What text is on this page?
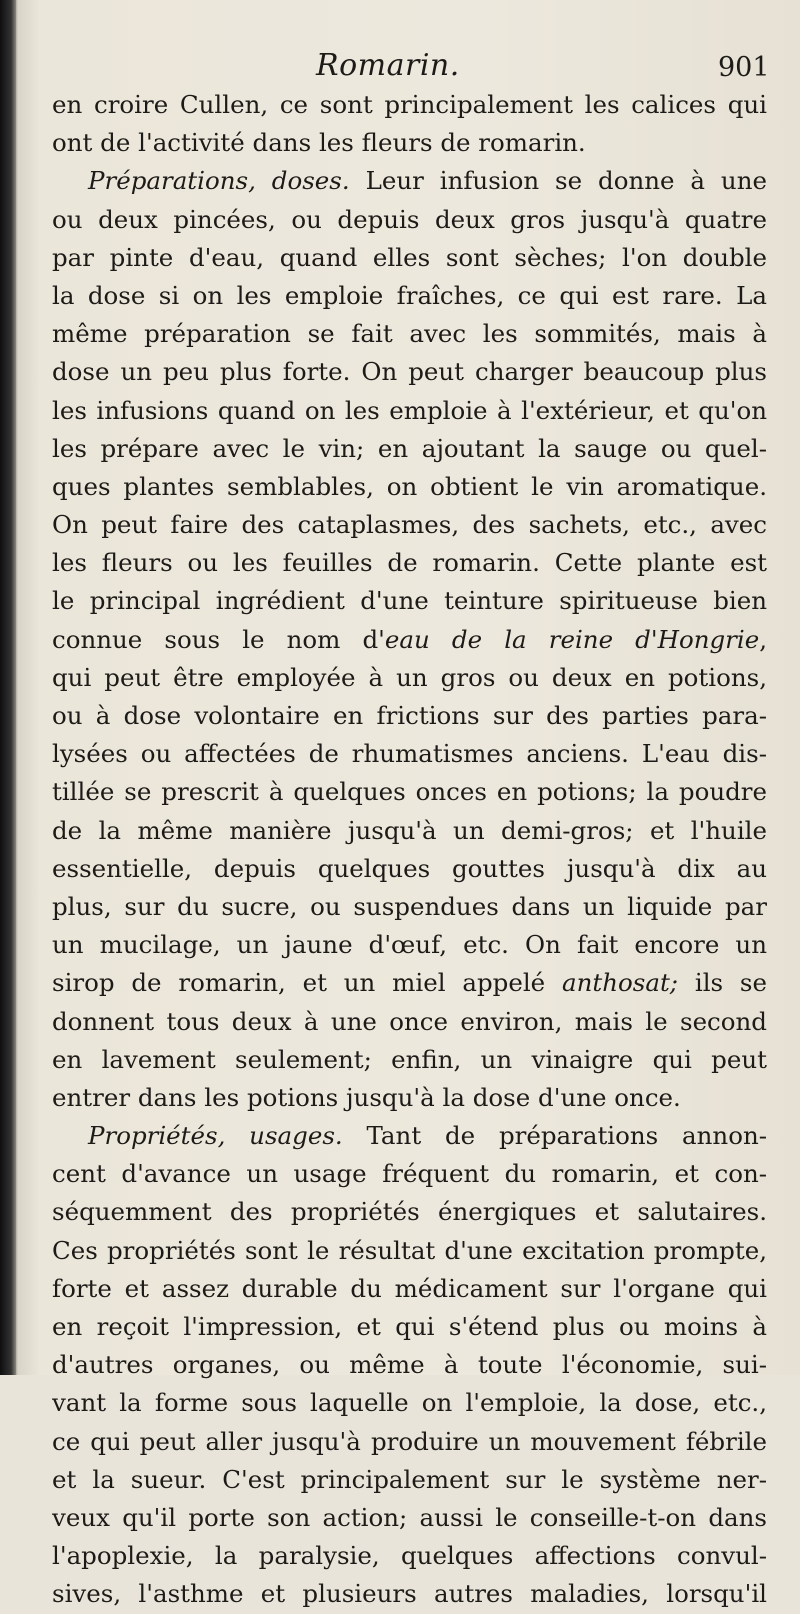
Romarin.	901
en croire Cullen, ce sont principalement les calices qui
ont de l'activité dans les fleurs de romarin.
Préparations, doses. Leur infusion se donne à une
ou deux pincées, ou depuis deux gros jusqu'à quatre
par pinte d'eau, quand elles sont sèches; l'on double
la dose si on les emploie fraîches, ce qui est rare. La
même préparation se fait avec les sommités, mais à
dose un peu plus forte. On peut charger beaucoup plus
les infusions quand on les emploie à l'extérieur, et qu'on
les prépare avec le vin; en ajoutant la sauge ou quel-
ques plantes semblables, on obtient le vin aromatique.
On peut faire des cataplasmes, des sachets, etc., avec
les fleurs ou les feuilles de romarin. Cette plante est
le principal ingrédient d'une teinture spiritueuse bien
connue sous le nom d'eau de la reine d'Hongrie,
qui peut être employée à un gros ou deux en potions,
ou à dose volontaire en frictions sur des parties para-
lysées ou affectées de rhumatismes anciens. L'eau dis-
tillée se prescrit à quelques onces en potions; la poudre
de la même manière jusqu'à un demi-gros; et l'huile
essentielle, depuis quelques gouttes jusqu'à dix au
plus, sur du sucre, ou suspendues dans un liquide par
un mucilage, un jaune d'œuf, etc. On fait encore un
sirop de romarin, et un miel appelé anthosat; ils se
donnent tous deux à une once environ, mais le second
en lavement seulement; enfin, un vinaigre qui peut
entrer dans les potions jusqu'à la dose d'une once.
Propriétés, usages. Tant de préparations annon-
cent d'avance un usage fréquent du romarin, et con-
séquemment des propriétés énergiques et salutaires.
Ces propriétés sont le résultat d'une excitation prompte,
forte et assez durable du médicament sur l'organe qui
en reçoit l'impression, et qui s'étend plus ou moins à
d'autres organes, ou même à toute l'économie, sui-
vant la forme sous laquelle on l'emploie, la dose, etc.,
ce qui peut aller jusqu'à produire un mouvement fébrile
et la sueur. C'est principalement sur le système ner-
veux qu'il porte son action; aussi le conseille-t-on dans
l'apoplexie, la paralysie, quelques affections convul-
sives, l'asthme et plusieurs autres maladies, lorsqu'il
